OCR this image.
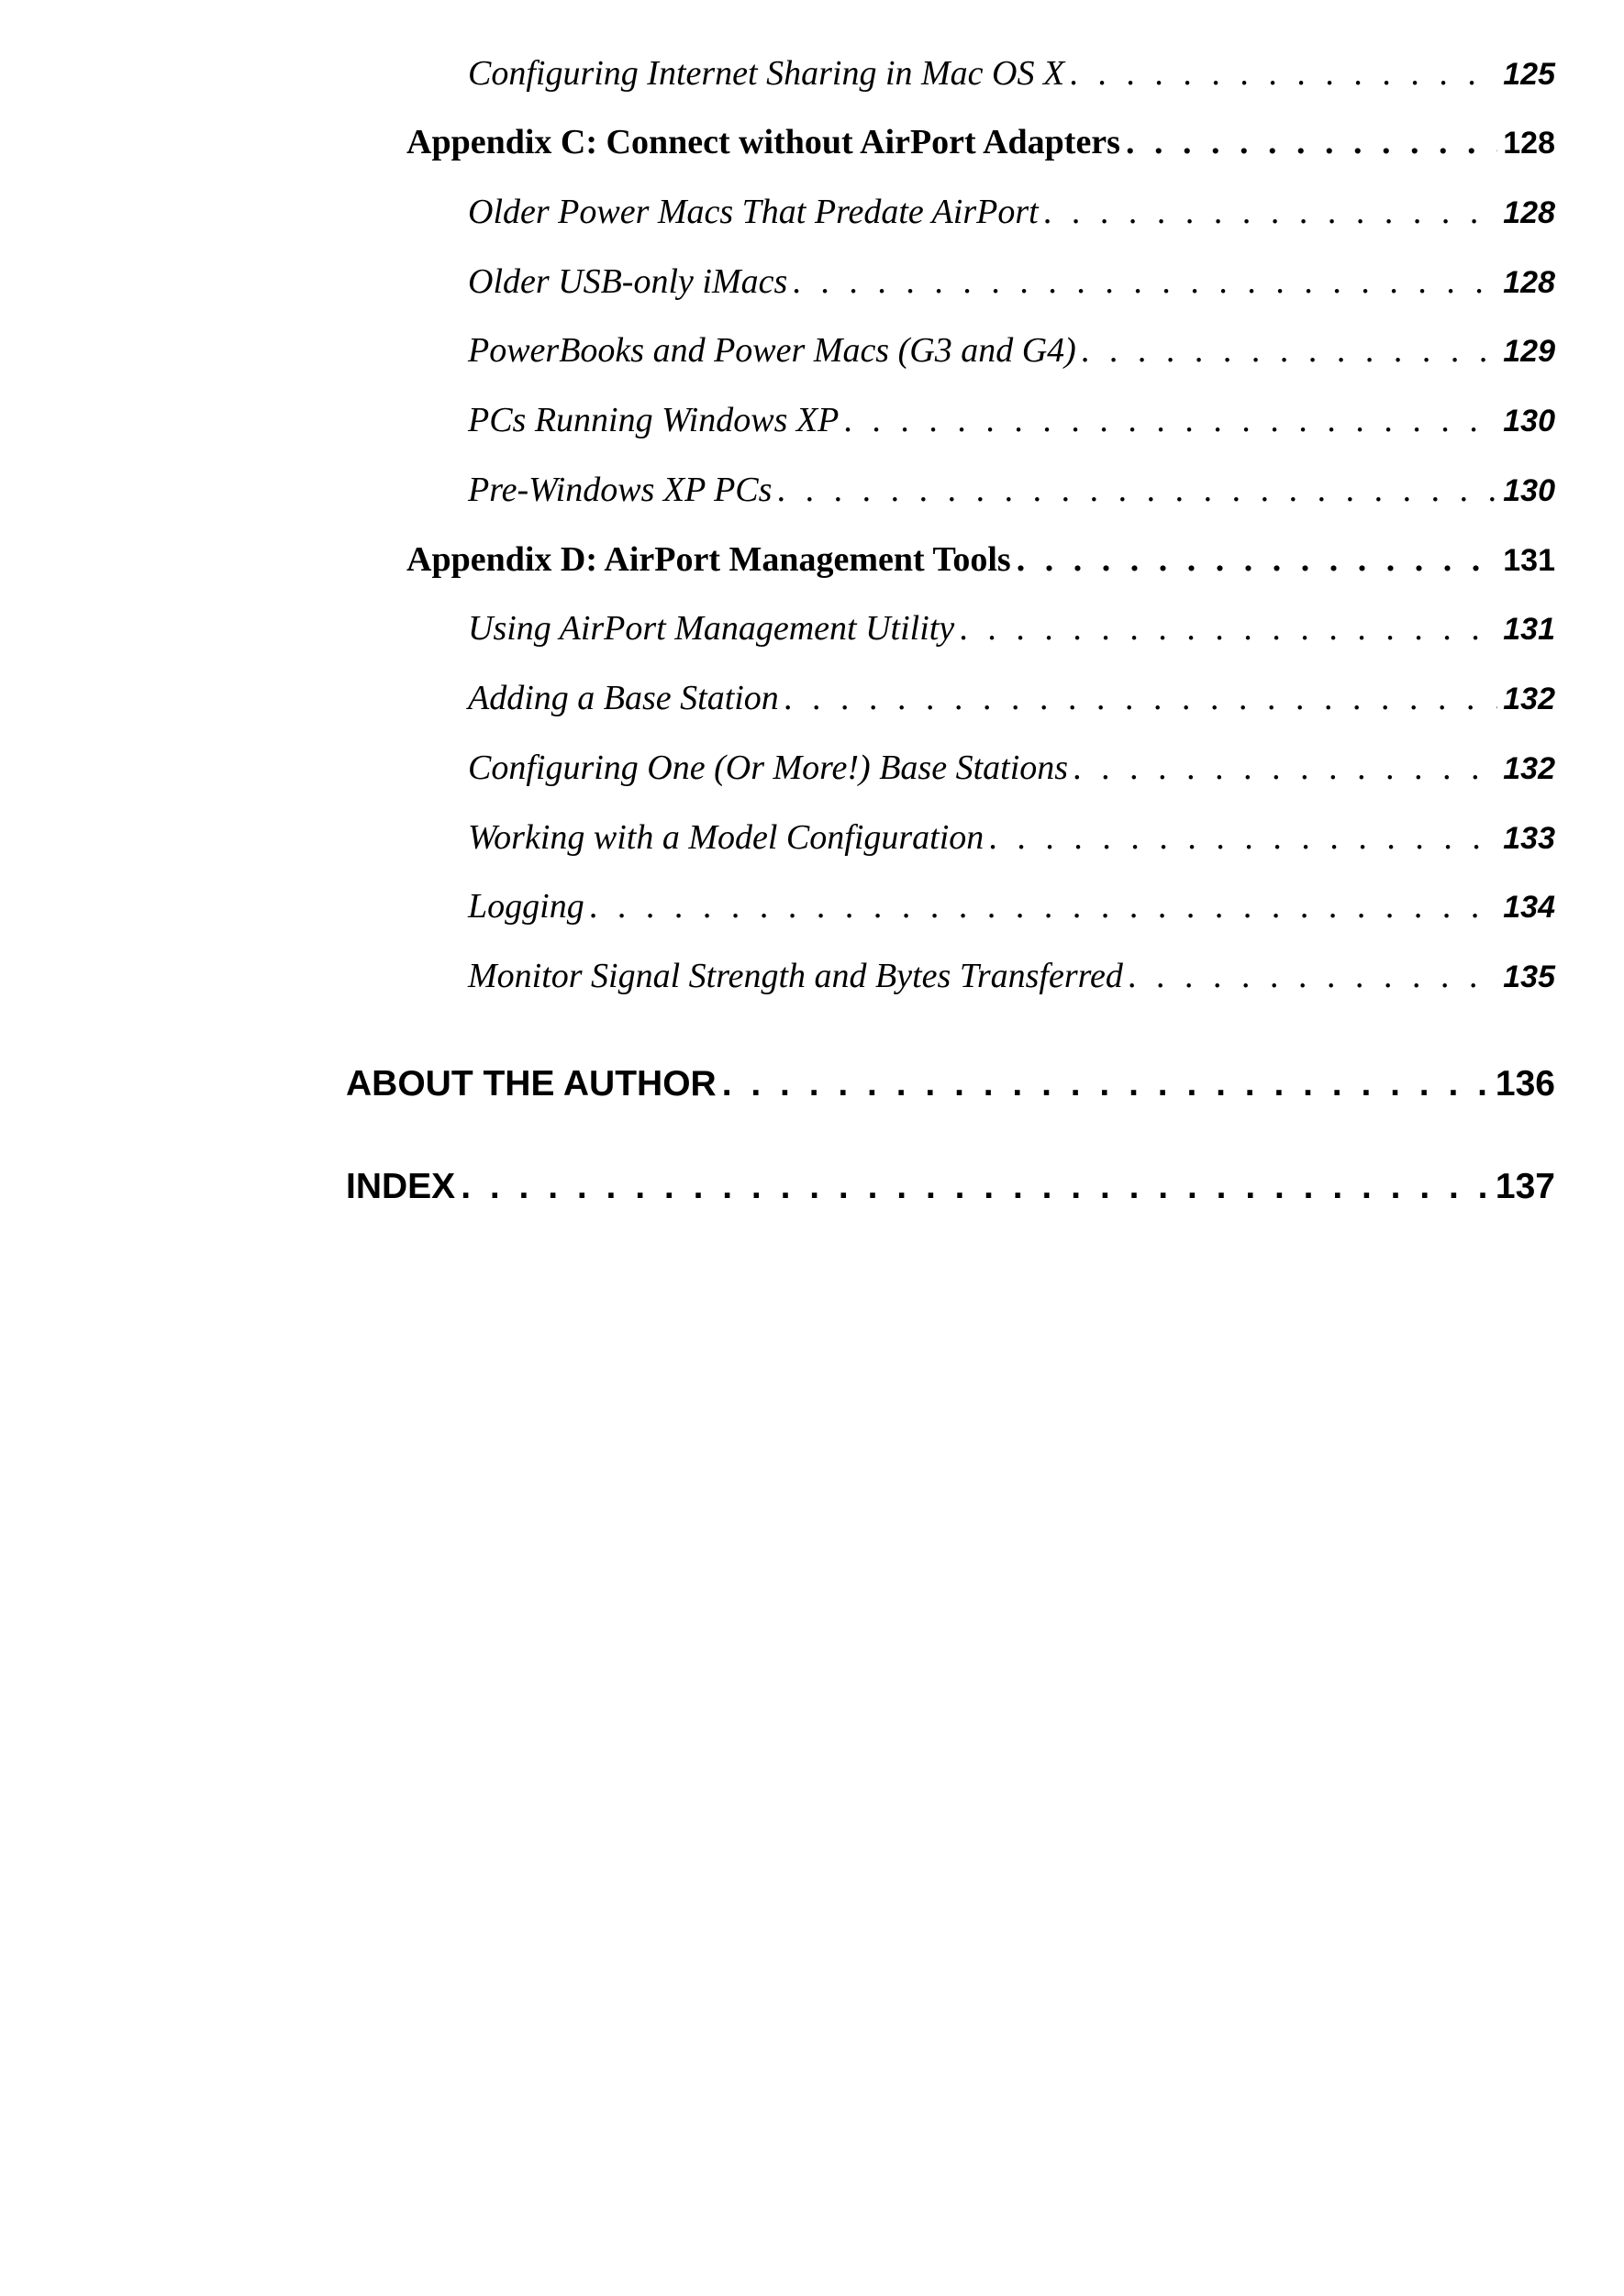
Configuring Internet Sharing in Mac OS X . . .	125
Appendix C: Connect without AirPort Adapters . . .	128
Older Power Macs That Predate AirPort . . .	128
Older USB-only iMacs . . .	128
PowerBooks and Power Macs (G3 and G4) . . .	129
PCs Running Windows XP . . .	130
Pre-Windows XP PCs . . .	130
Appendix D: AirPort Management Tools . . .	131
Using AirPort Management Utility . . .	131
Adding a Base Station . . .	132
Configuring One (Or More!) Base Stations . . .	132
Working with a Model Configuration . . .	133
Logging . . .	134
Monitor Signal Strength and Bytes Transferred . . .	135
ABOUT THE AUTHOR . . .	136
INDEX . . .	137
